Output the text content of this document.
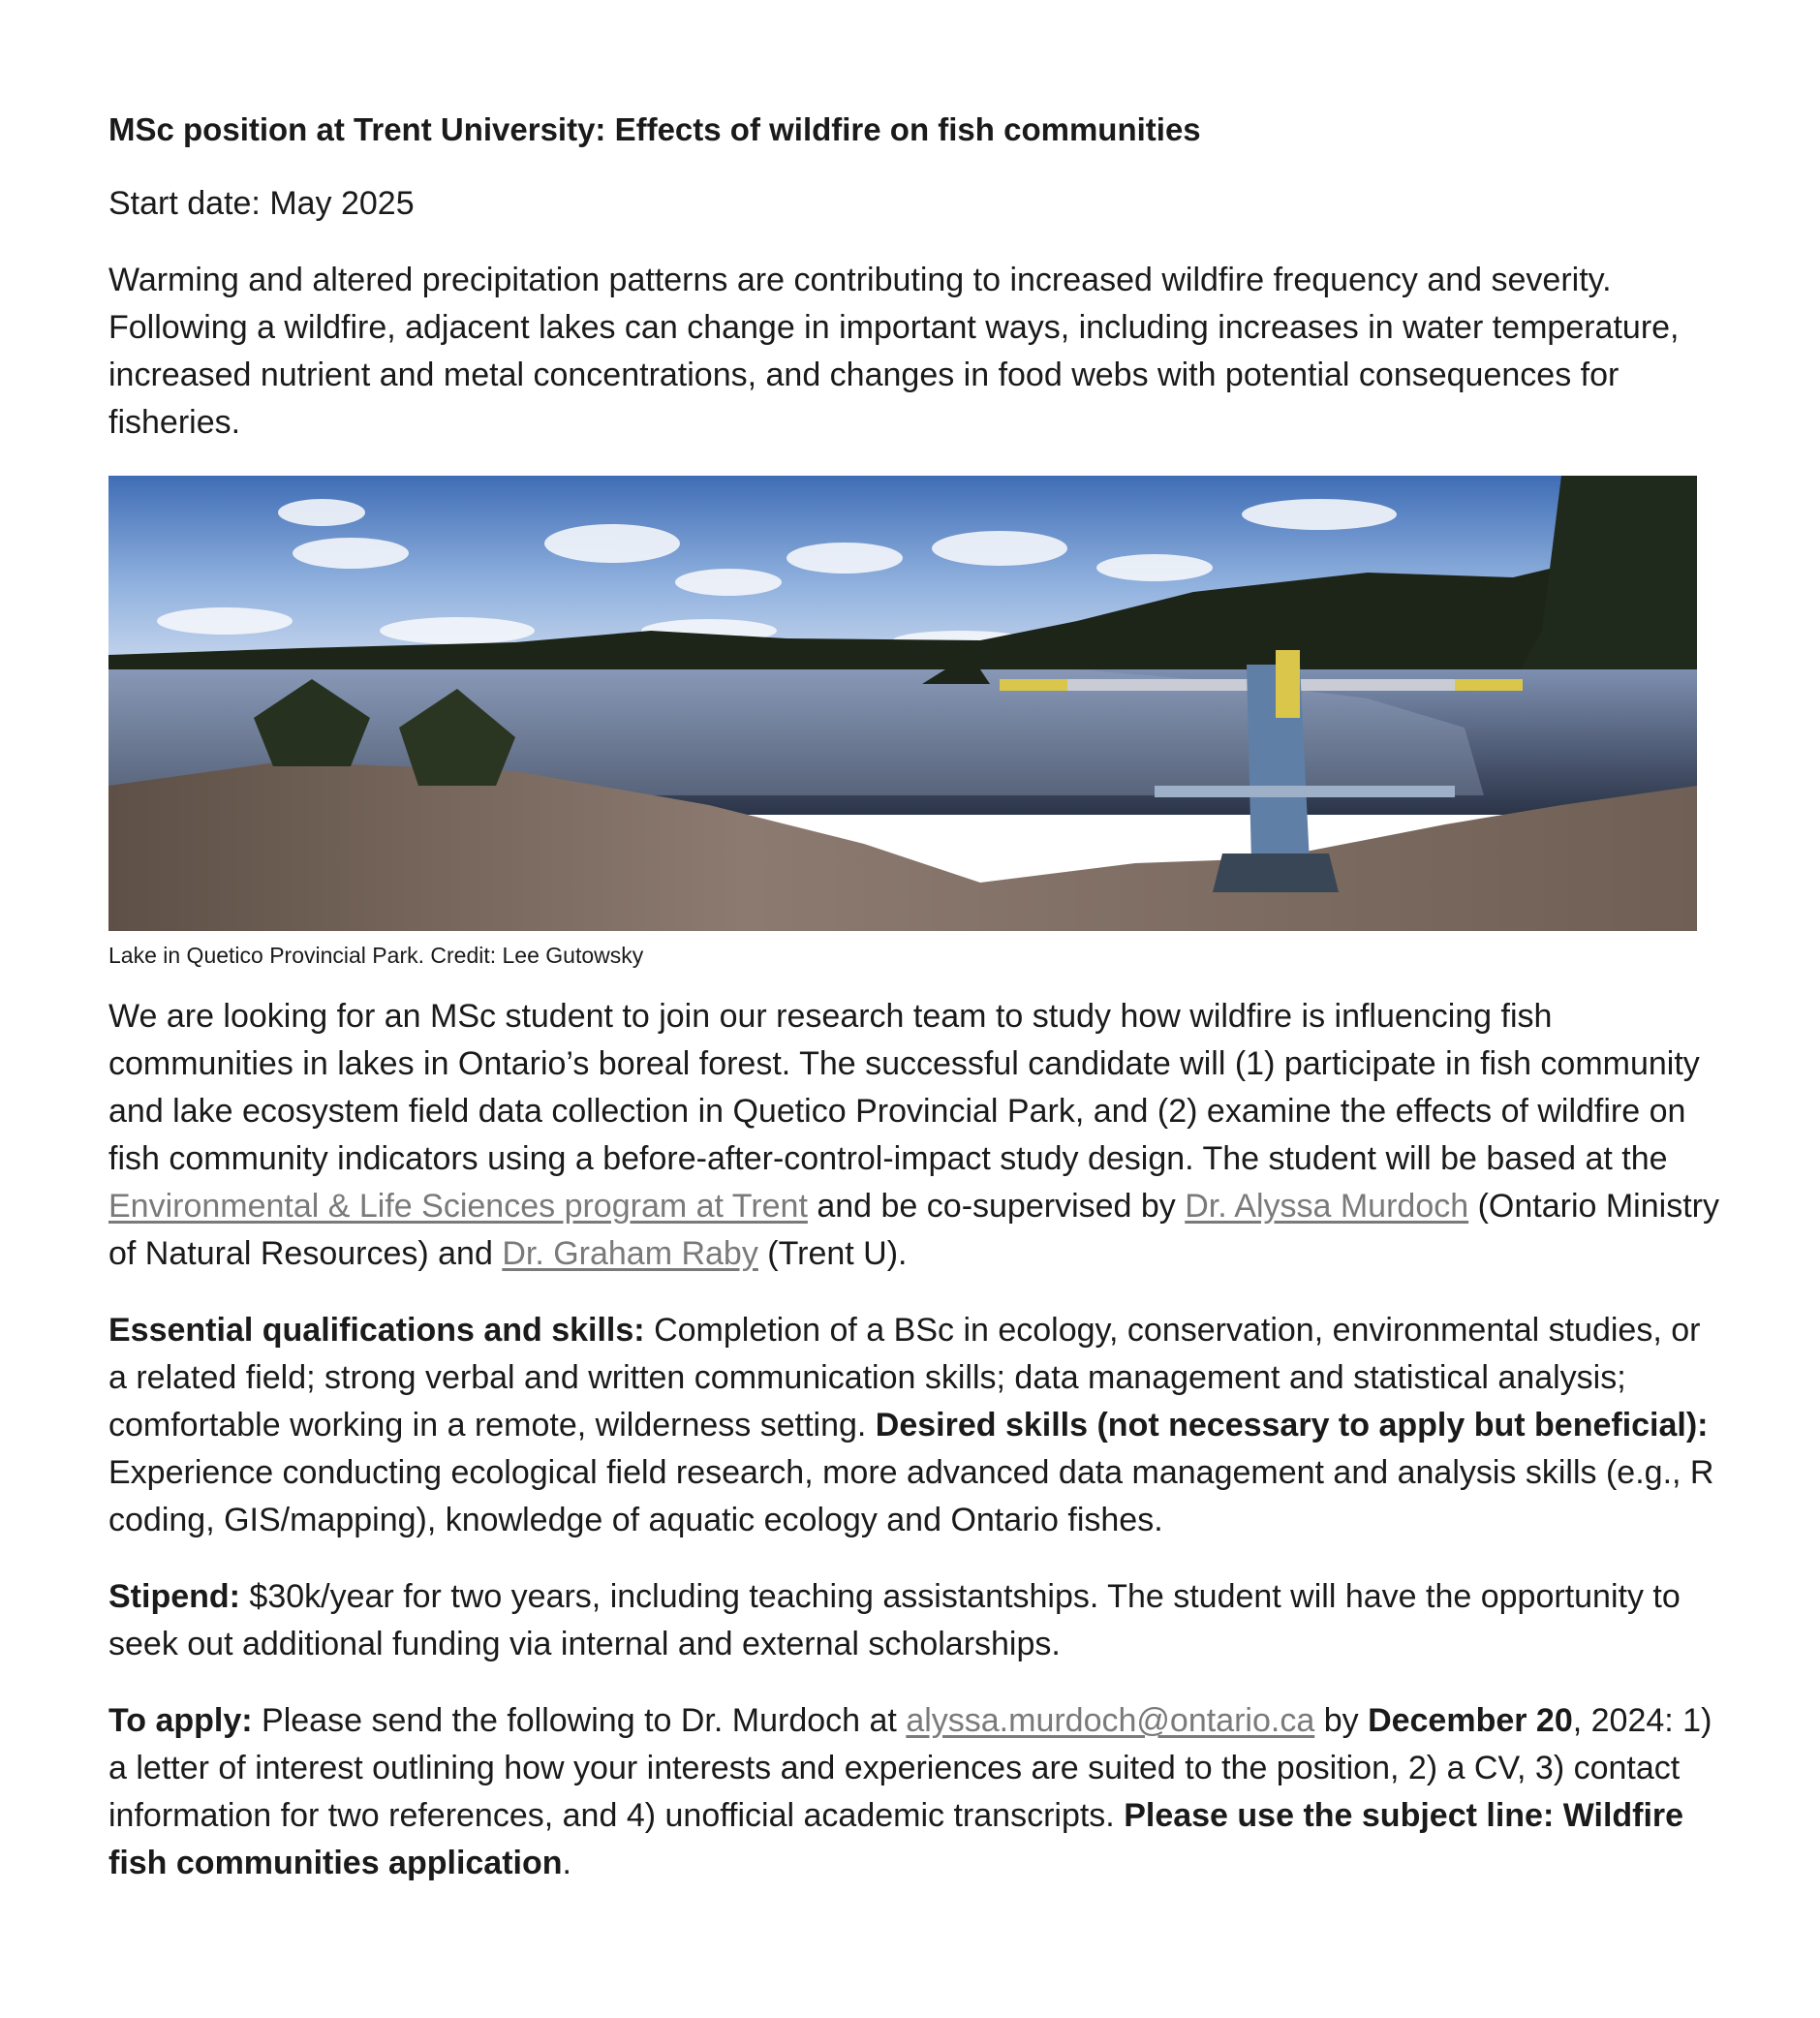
MSc position at Trent University: Effects of wildfire on fish communities

Start date: May 2025

Warming and altered precipitation patterns are contributing to increased wildfire frequency and severity. Following a wildfire, adjacent lakes can change in important ways, including increases in water temperature, increased nutrient and metal concentrations, and changes in food webs with potential consequences for fisheries.

Lake in Quetico Provincial Park. Credit: Lee Gutowsky

We are looking for an MSc student to join our research team to study how wildfire is influencing fish communities in lakes in Ontario’s boreal forest. The successful candidate will (1) participate in fish community and lake ecosystem field data collection in Quetico Provincial Park, and (2) examine the effects of wildfire on fish community indicators using a before-after-control-impact study design. The student will be based at the Environmental & Life Sciences program at Trent and be co-supervised by Dr. Alyssa Murdoch (Ontario Ministry of Natural Resources) and Dr. Graham Raby (Trent U).

Essential qualifications and skills: Completion of a BSc in ecology, conservation, environmental studies, or a related field; strong verbal and written communication skills; data management and statistical analysis; comfortable working in a remote, wilderness setting. Desired skills (not necessary to apply but beneficial): Experience conducting ecological field research, more advanced data management and analysis skills (e.g., R coding, GIS/mapping), knowledge of aquatic ecology and Ontario fishes.

Stipend: $30k/year for two years, including teaching assistantships. The student will have the opportunity to seek out additional funding via internal and external scholarships.

To apply: Please send the following to Dr. Murdoch at alyssa.murdoch@ontario.ca by December 20, 2024: 1) a letter of interest outlining how your interests and experiences are suited to the position, 2) a CV, 3) contact information for two references, and 4) unofficial academic transcripts. Please use the subject line: Wildfire fish communities application.
